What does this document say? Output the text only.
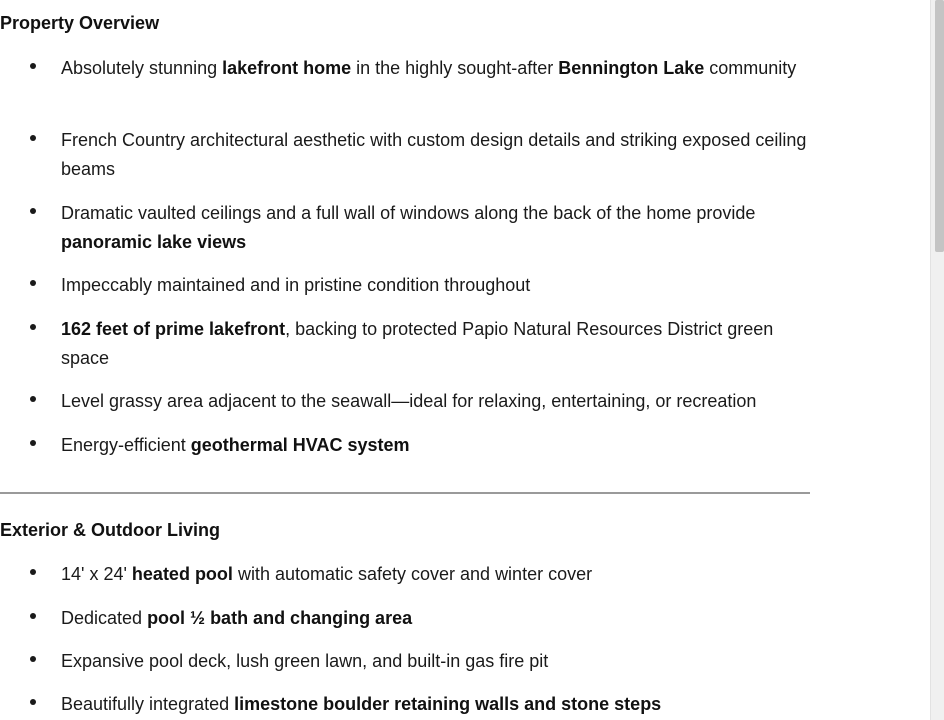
Property Overview
Absolutely stunning lakefront home in the highly sought-after Bennington Lake community
French Country architectural aesthetic with custom design details and striking exposed ceiling beams
Dramatic vaulted ceilings and a full wall of windows along the back of the home provide panoramic lake views
Impeccably maintained and in pristine condition throughout
162 feet of prime lakefront, backing to protected Papio Natural Resources District green space
Level grassy area adjacent to the seawall—ideal for relaxing, entertaining, or recreation
Energy-efficient geothermal HVAC system
Exterior & Outdoor Living
14' x 24' heated pool with automatic safety cover and winter cover
Dedicated pool ½ bath and changing area
Expansive pool deck, lush green lawn, and built-in gas fire pit
Beautifully integrated limestone boulder retaining walls and stone steps
